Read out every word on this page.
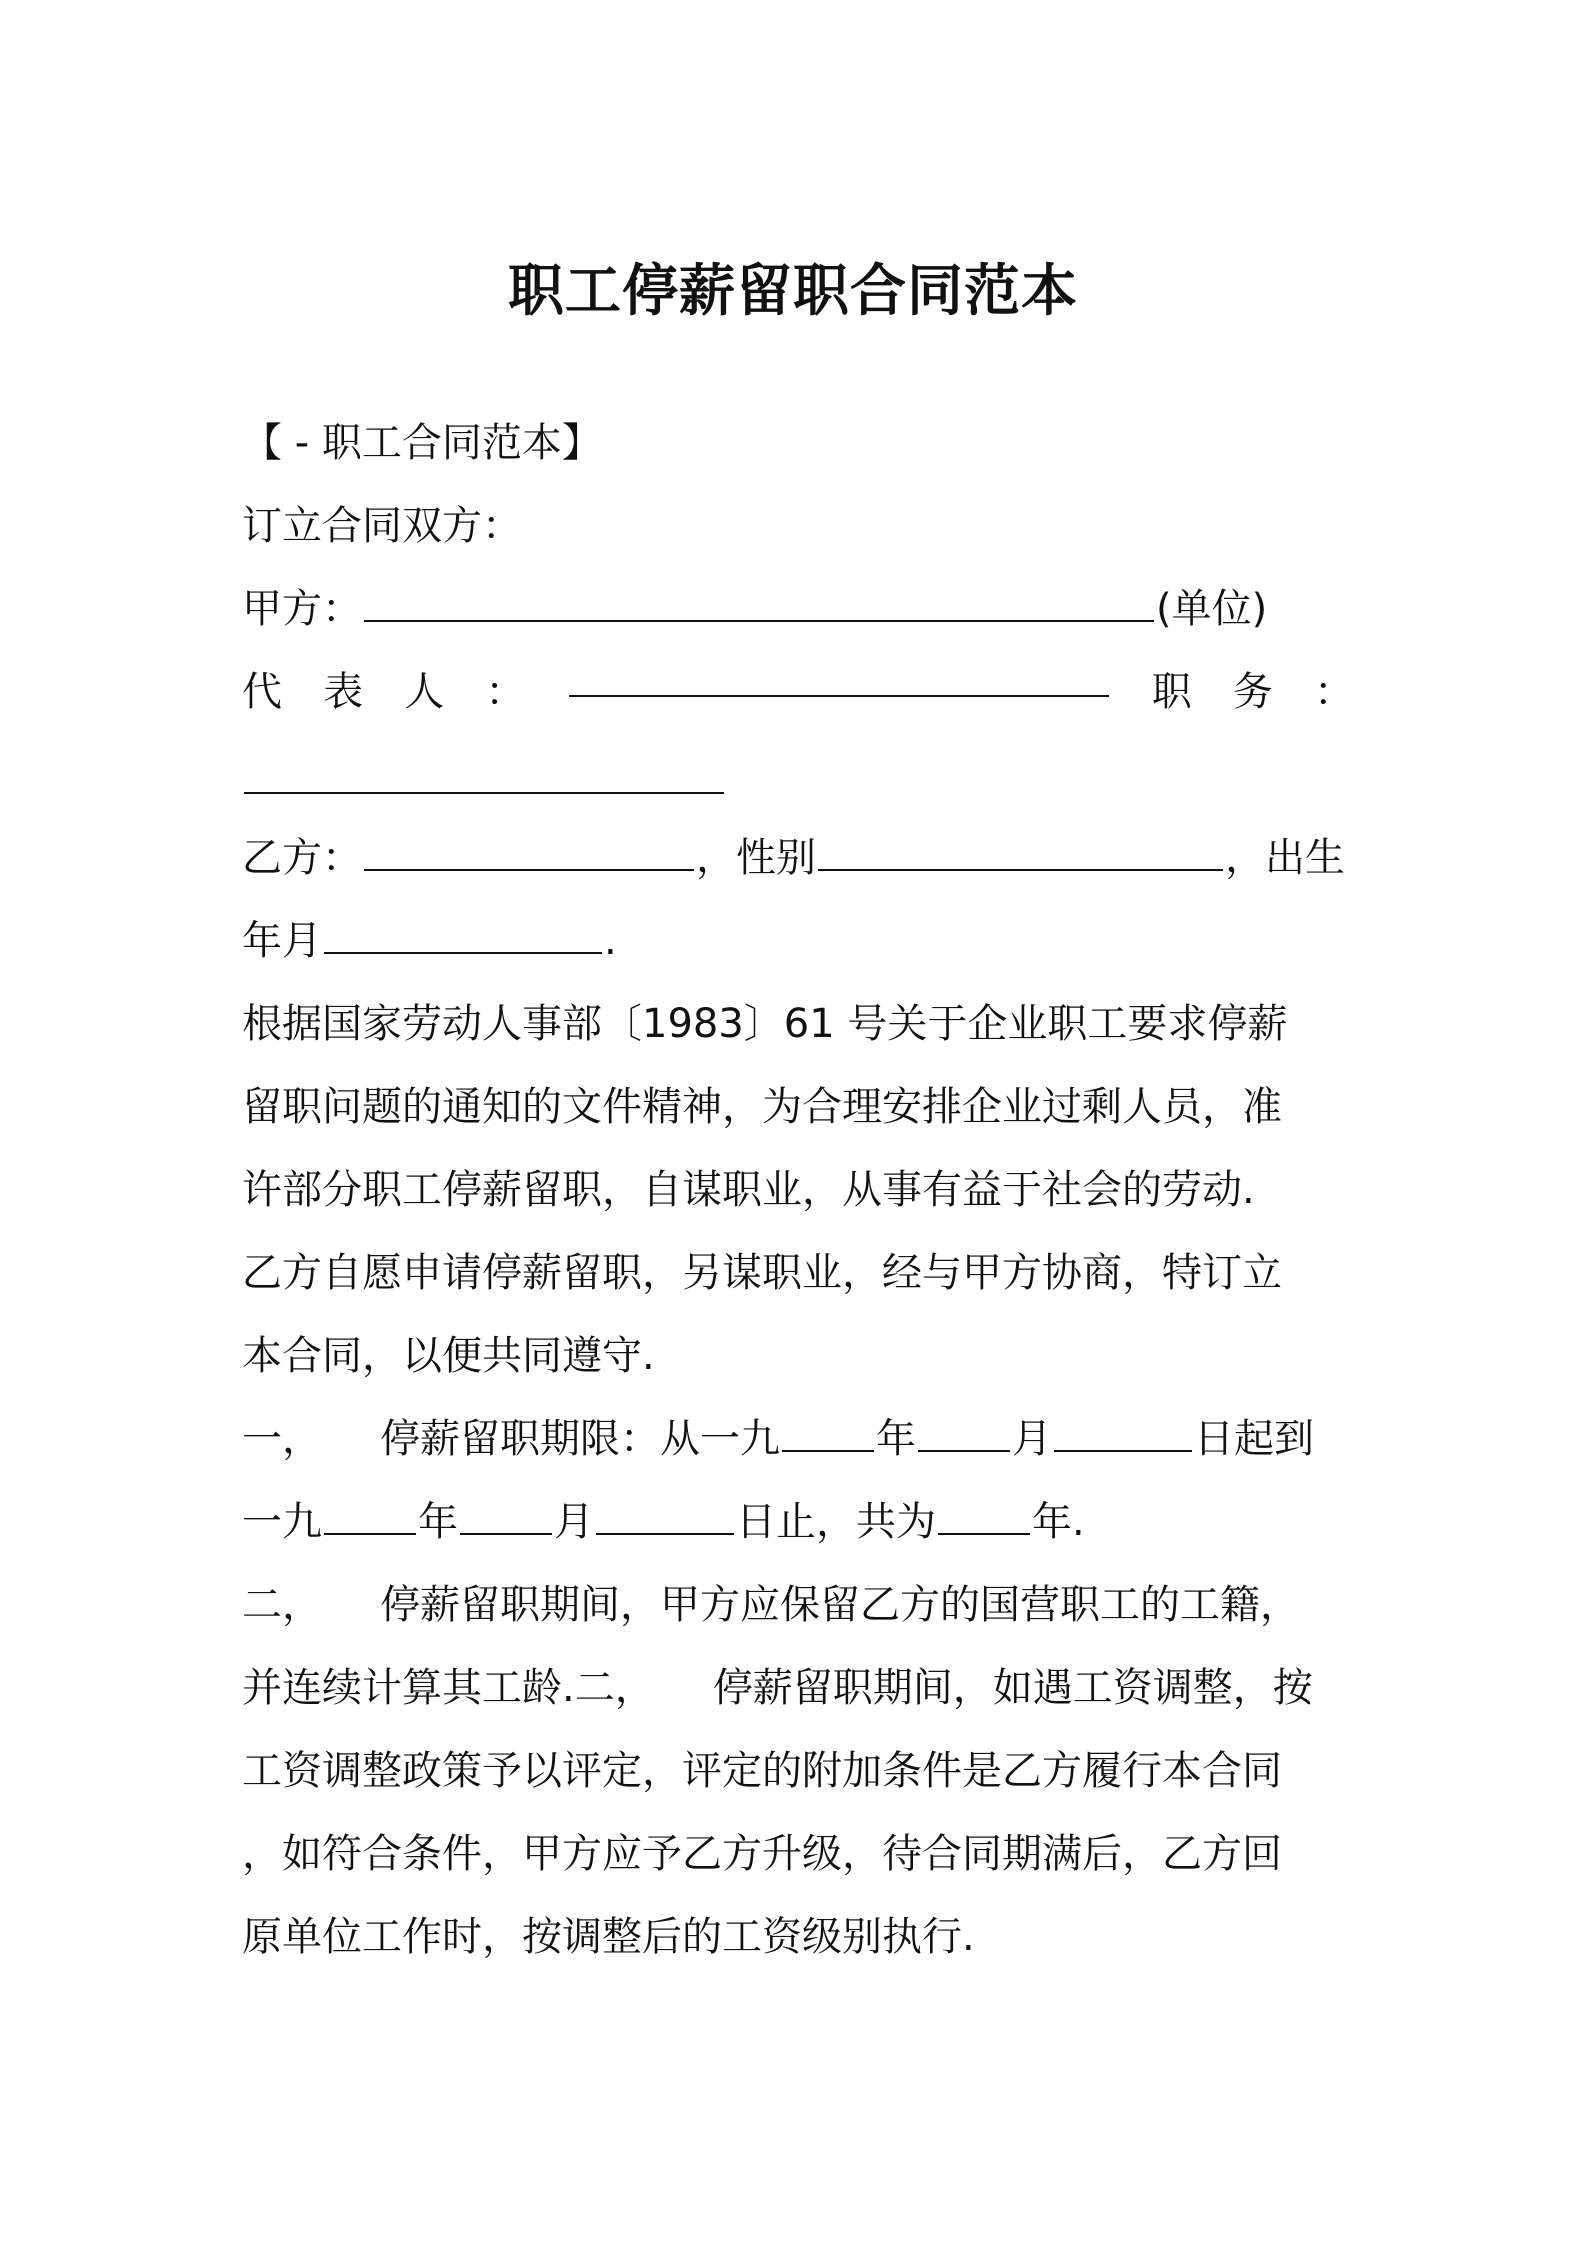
职工停薪留职合同范本
【 - 职工合同范本】
订立合同双方：
甲方：	(单位)
代 表 人 ：	职 务 ：
乙方：	，性别	，出生
年月	.
根据国家劳动人事部〔1983〕61 号关于企业职工要求停薪
留职问题的通知的文件精神，为合理安排企业过剩人员，准
许部分职工停薪留职，自谋职业，从事有益于社会的劳动.
乙方自愿申请停薪留职，另谋职业，经与甲方协商，特订立
本合同，以便共同遵守.
一， 停薪留职期限：从一九 年 月	日起到
一九 年 月	日止，共为 年.
二， 停薪留职期间，甲方应保留乙方的国营职工的工籍，
并连续计算其工龄.二， 停薪留职期间，如遇工资调整，按
工资调整政策予以评定，评定的附加条件是乙方履行本合同
，如符合条件，甲方应予乙方升级，待合同期满后，乙方回
原单位工作时，按调整后的工资级别执行.
